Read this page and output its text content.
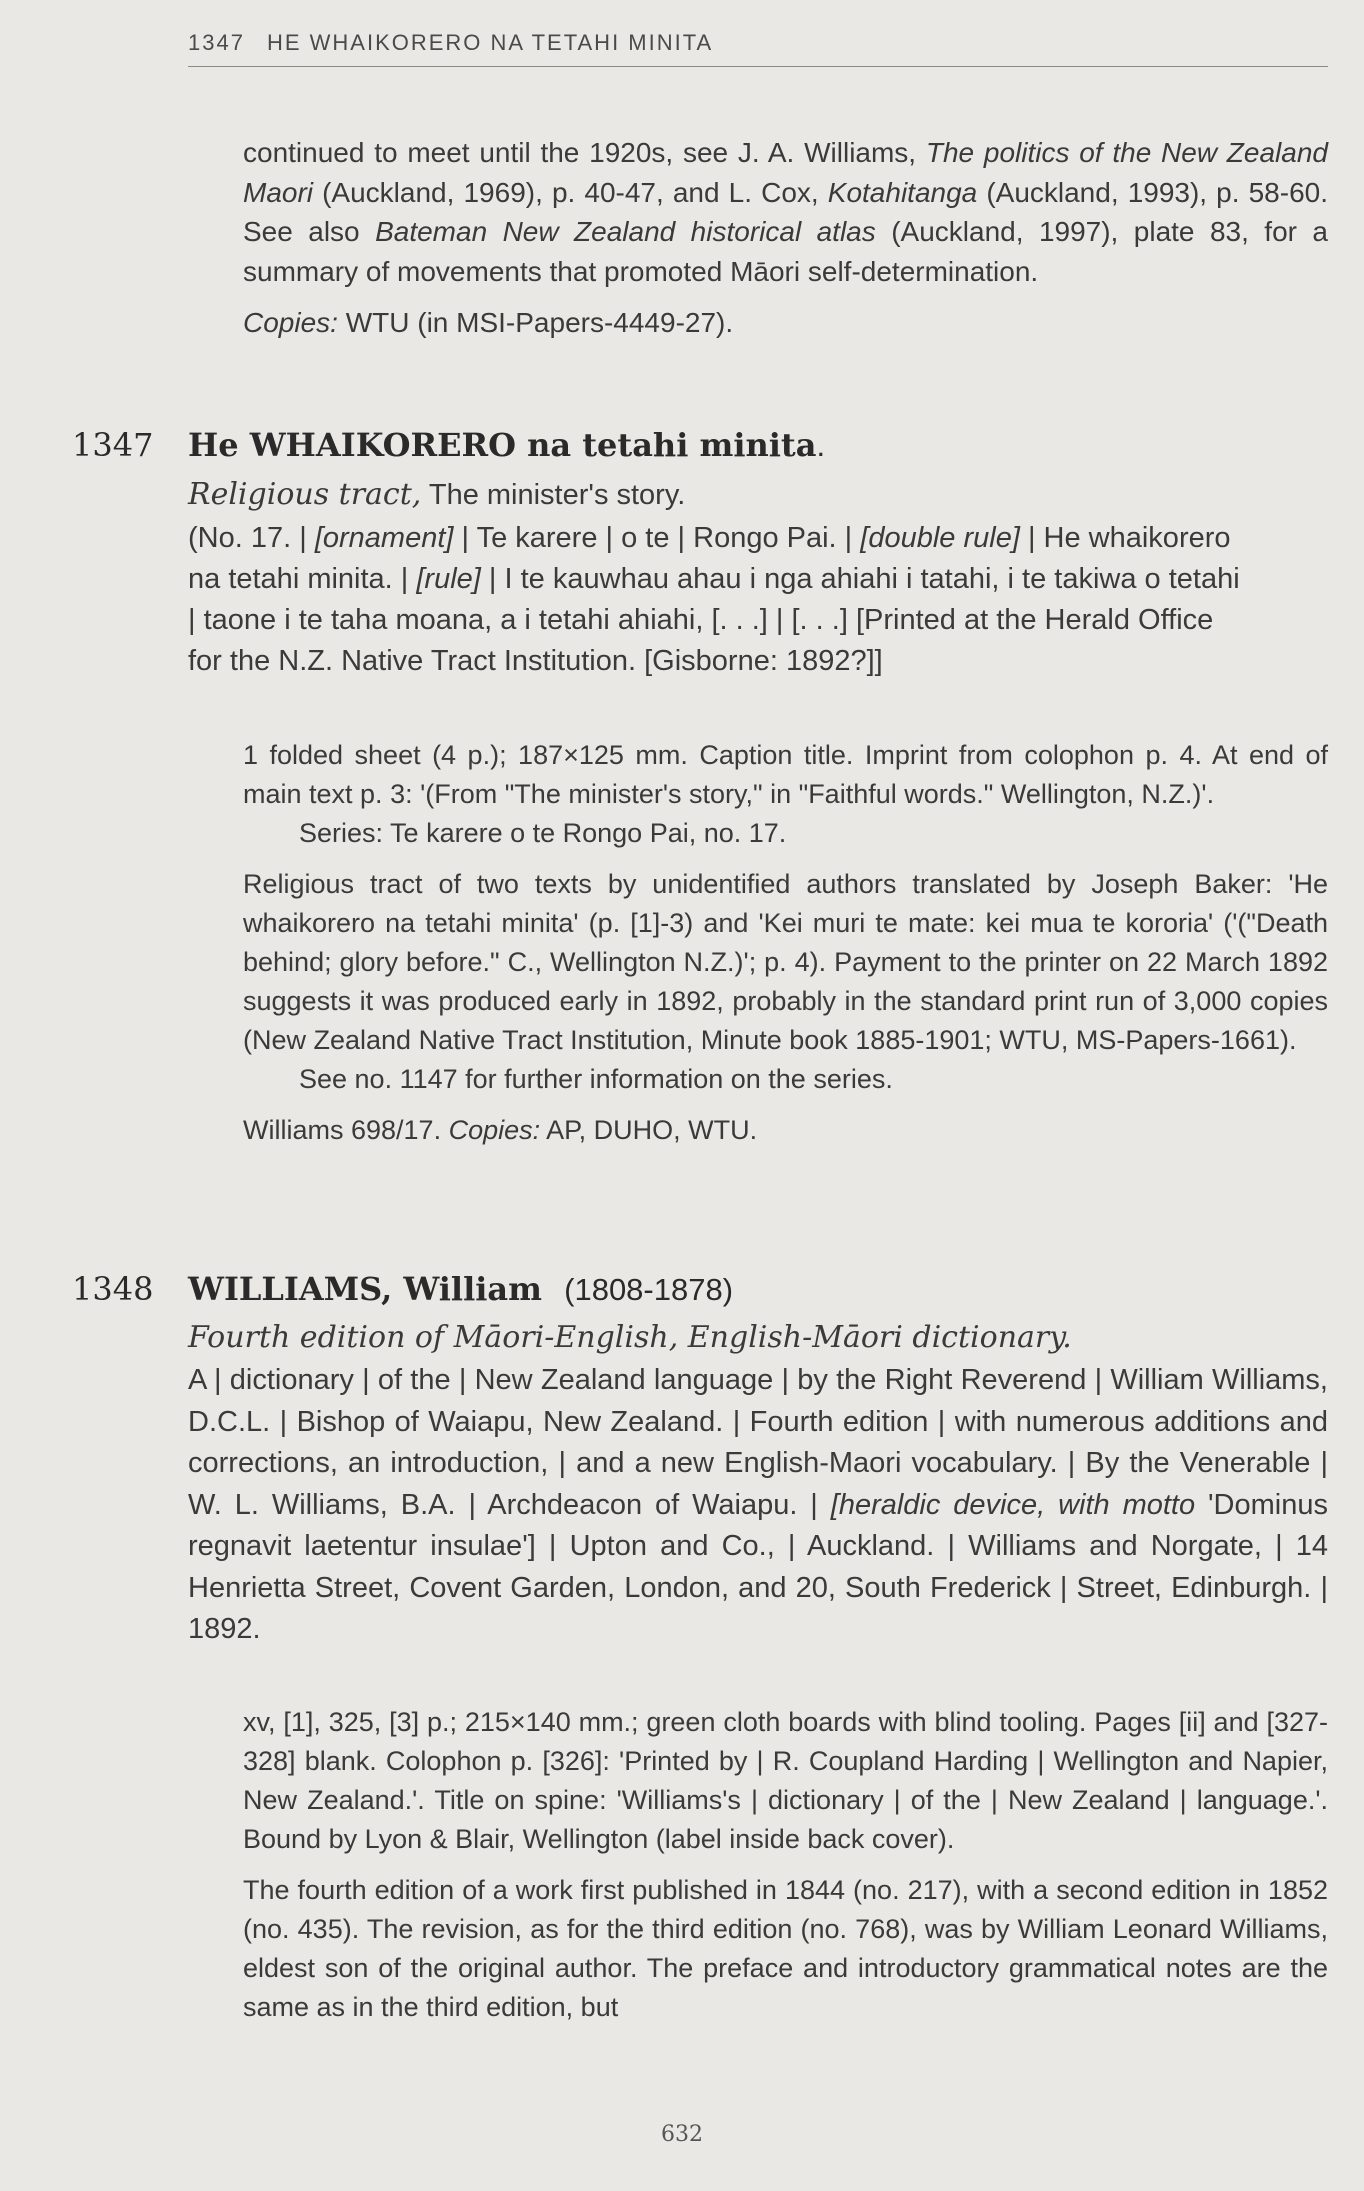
1347 HE WHAIKORERO NA TETAHI MINITA

continued to meet until the 1920s, see J. A. Williams, The politics of the New Zealand Maori (Auckland, 1969), p. 40-47, and L. Cox, Kotahitanga (Auckland, 1993), p. 58-60. See also Bateman New Zealand historical atlas (Auckland, 1997), plate 83, for a summary of movements that promoted Māori self-determination.

Copies: WTU (in MSI-Papers-4449-27).

1347 He WHAIKORERO na tetahi minita.
Religious tract, The minister's story.

(No. 17. | [ornament] | Te karere | o te | Rongo Pai. | [double rule] | He whaikorero na tetahi minita. | [rule] | I te kauwhau ahau i nga ahiahi i tatahi, i te takiwa o tetahi | taone i te taha moana, a i tetahi ahiahi, [. . .] | [. . .] [Printed at the Herald Office for the N.Z. Native Tract Institution. [Gisborne: 1892?]]

1 folded sheet (4 p.); 187×125 mm. Caption title. Imprint from colophon p. 4. At end of main text p. 3: '(From "The minister's story," in "Faithful words." Wellington, N.Z.)'.

Series: Te karere o te Rongo Pai, no. 17.

Religious tract of two texts by unidentified authors translated by Joseph Baker: 'He whaikorero na tetahi minita' (p. [1]-3) and 'Kei muri te mate: kei mua te kororia' ('("Death behind; glory before." C., Wellington N.Z.)'; p. 4). Payment to the printer on 22 March 1892 suggests it was produced early in 1892, probably in the standard print run of 3,000 copies (New Zealand Native Tract Institution, Minute book 1885-1901; WTU, MS-Papers-1661).

See no. 1147 for further information on the series.

Williams 698/17. Copies: AP, DUHO, WTU.

1348 WILLIAMS, William (1808-1878)
Fourth edition of Māori-English, English-Māori dictionary.

A | dictionary | of the | New Zealand language | by the Right Reverend | William Williams, D.C.L. | Bishop of Waiapu, New Zealand. | Fourth edition | with numerous additions and corrections, an introduction, | and a new English-Maori vocabulary. | By the Venerable | W. L. Williams, B.A. | Archdeacon of Waiapu. | [heraldic device, with motto 'Dominus regnavit laetentur insulae'] | Upton and Co., | Auckland. | Williams and Norgate, | 14 Henrietta Street, Covent Garden, London, and 20, South Frederick | Street, Edinburgh. | 1892.

xv, [1], 325, [3] p.; 215×140 mm.; green cloth boards with blind tooling. Pages [ii] and [327-328] blank. Colophon p. [326]: 'Printed by | R. Coupland Harding | Wellington and Napier, New Zealand.'. Title on spine: 'Williams's | dictionary | of the | New Zealand | language.'. Bound by Lyon & Blair, Wellington (label inside back cover).

The fourth edition of a work first published in 1844 (no. 217), with a second edition in 1852 (no. 435). The revision, as for the third edition (no. 768), was by William Leonard Williams, eldest son of the original author. The preface and introductory grammatical notes are the same as in the third edition, but

632
